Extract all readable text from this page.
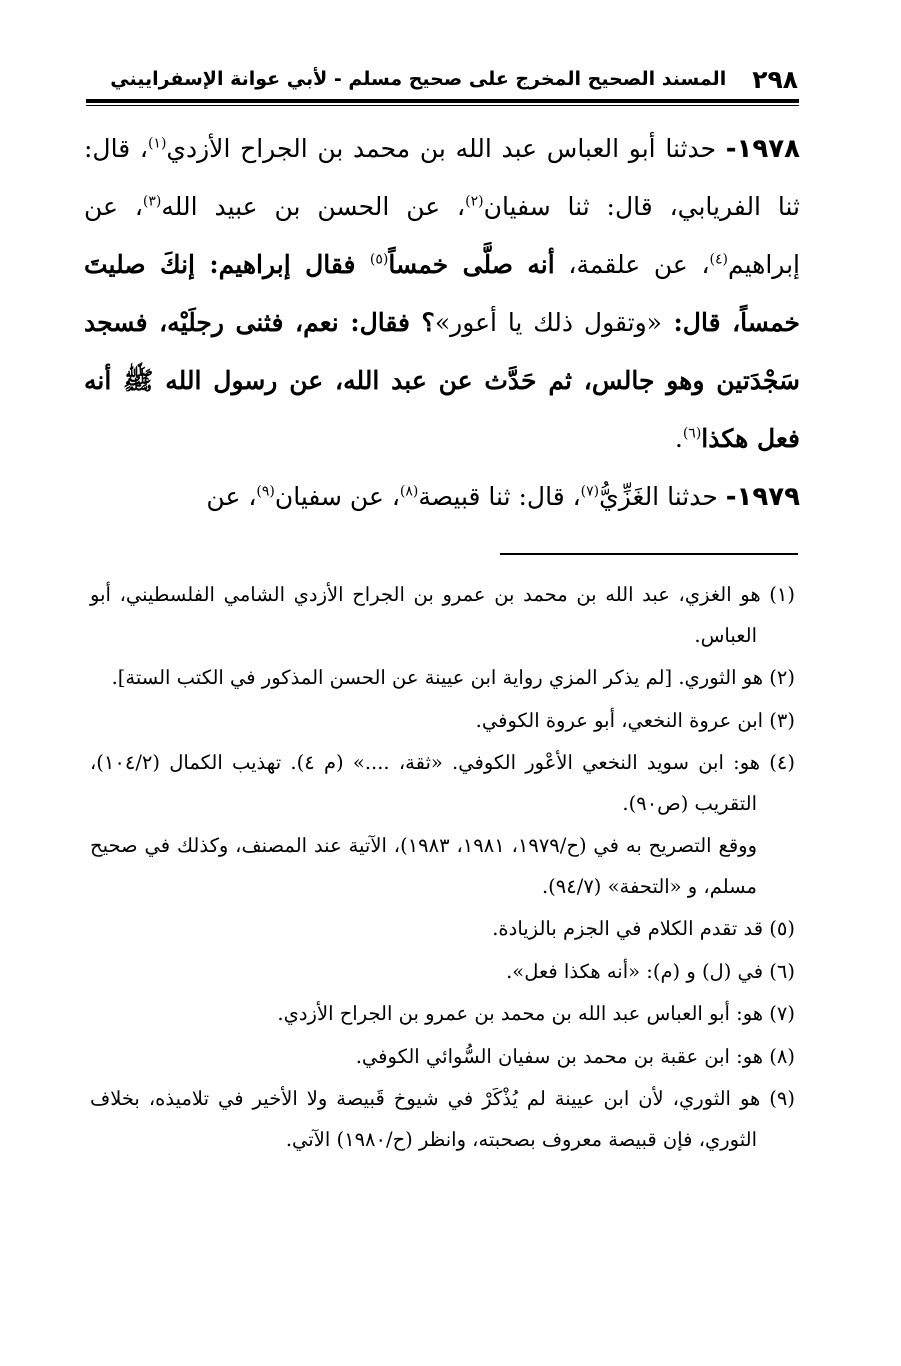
٢٩٨
المسند الصحيح المخرج على صحيح مسلم - لأبي عوانة الإسفراييني

١٩٧٨- حدثنا أبو العباس عبد الله بن محمد بن الجراح الأزدي$^{(١)}$، قال: ثنا الفريابي، قال: ثنا سفيان$^{(٢)}$، عن الحسن بن عبيد الله$^{(٣)}$، عن إبراهيم$^{(٤)}$، عن علقمة، أنه صلَّى خمساً$^{(٥)}$ فقال إبراهيم: إنكَ صليتَ خمساً، قال: «وتقول ذلك يا أعور»؟ فقال: نعم، فثنى رجلَيْه، فسجد سَجْدَتين وهو جالس، ثم حَدَّث عن عبد الله، عن رسول الله ﷺ أنه فعل هكذا$^{(٦)}$.

١٩٧٩- حدثنا الغَزِّيُّ$^{(٧)}$، قال: ثنا قبيصة$^{(٨)}$، عن سفيان$^{(٩)}$، عن

(١) هو الغزي، عبد الله بن محمد بن عمرو بن الجراح الأزدي الشامي الفلسطيني، أبو العباس.

(٢) هو الثوري. [لم يذكر المزي رواية ابن عيينة عن الحسن المذكور في الكتب الستة].

(٣) ابن عروة النخعي، أبو عروة الكوفي.

(٤) هو: ابن سويد النخعي الأعْور الكوفي. «ثقة، ....» (م ٤). تهذيب الكمال (١٠٤/٢)، التقريب (ص٩٠).

ووقع التصريح به في (ح/١٩٧٩، ١٩٨١، ١٩٨٣)، الآتية عند المصنف، وكذلك في صحيح مسلم، و «التحفة» (٩٤/٧).

(٥) قد تقدم الكلام في الجزم بالزيادة.

(٦) في (ل) و (م): «أنه هكذا فعل».

(٧) هو: أبو العباس عبد الله بن محمد بن عمرو بن الجراح الأزدي.

(٨) هو: ابن عقبة بن محمد بن سفيان السُّوائي الكوفي.

(٩) هو الثوري، لأن ابن عيينة لم يُذْكَرْ في شيوخ قَبيصة ولا الأخير في تلاميذه، بخلاف الثوري، فإن قبيصة معروف بصحبته، وانظر (ح/١٩٨٠) الآتي.
